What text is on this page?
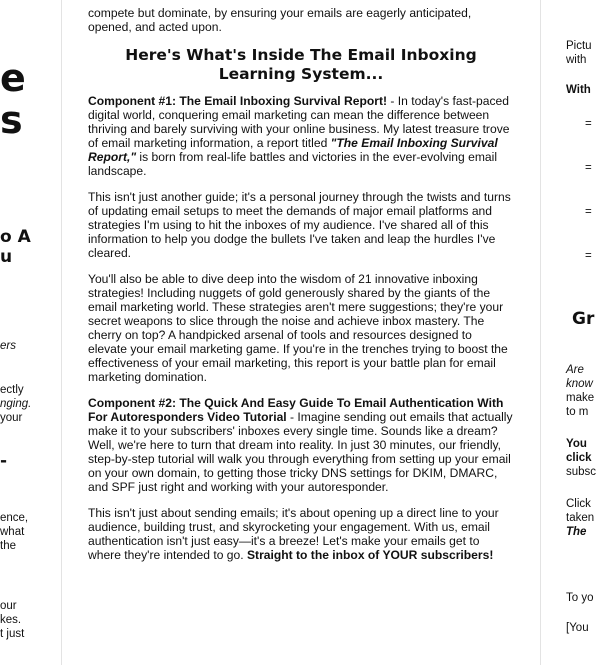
e
s
o A
u
ers
ectly
nging.
your
-
ence,
what
the
our
kes.
t just

compete but dominate, by ensuring your emails are eagerly anticipated, opened, and acted upon.

Here's What's Inside The Email Inboxing Learning System...

Component #1: The Email Inboxing Survival Report! - In today's fast-paced digital world, conquering email marketing can mean the difference between thriving and barely surviving with your online business. My latest treasure trove of email marketing information, a report titled "The Email Inboxing Survival Report," is born from real-life battles and victories in the ever-evolving email landscape.

This isn't just another guide; it's a personal journey through the twists and turns of updating email setups to meet the demands of major email platforms and strategies I'm using to hit the inboxes of my audience. I've shared all of this information to help you dodge the bullets I've taken and leap the hurdles I've cleared.

You'll also be able to dive deep into the wisdom of 21 innovative inboxing strategies! Including nuggets of gold generously shared by the giants of the email marketing world. These strategies aren't mere suggestions; they're your secret weapons to slice through the noise and achieve inbox mastery. The cherry on top? A handpicked arsenal of tools and resources designed to elevate your email marketing game. If you're in the trenches trying to boost the effectiveness of your email marketing, this report is your battle plan for email marketing domination.

Component #2: The Quick And Easy Guide To Email Authentication With For Autoresponders Video Tutorial - Imagine sending out emails that actually make it to your subscribers' inboxes every single time. Sounds like a dream? Well, we're here to turn that dream into reality. In just 30 minutes, our friendly, step-by-step tutorial will walk you through everything from setting up your email on your own domain, to getting those tricky DNS settings for DKIM, DMARC, and SPF just right and working with your autoresponder.

This isn't just about sending emails; it's about opening up a direct line to your audience, building trust, and skyrocketing your engagement. With us, email authentication isn't just easy—it's a breeze! Let's make your emails get to where they're intended to go. Straight to the inbox of YOUR subscribers!

Pictu
with
With
=
=
=
=
Gr
Are
know
make
to m
You
click
subsc
Click
taken
The
To yo
[You
